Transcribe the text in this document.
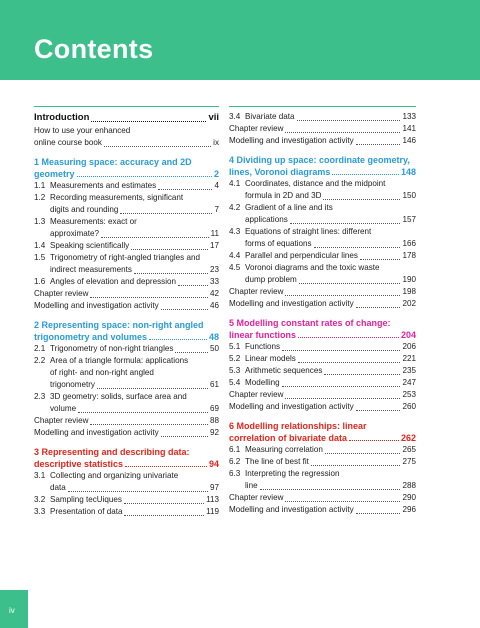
Contents
Introduction	vii
How to use your enhanced
online course book	ix
1 Measuring space: accuracy and 2D
geometry	2
1.1 Measurements and estimates	4
1.2 Recording measurements, significant
digits and rounding	7
1.3 Measurements: exact or
approximate?	11
1.4 Speaking scientifically	17
1.5 Trigonometry of right-angled triangles and
indirect measurements	23
1.6 Angles of elevation and depression	33
Chapter review	42
Modelling and investigation activity	46
2 Representing space: non-right angled
trigonometry and volumes	48
2.1 Trigonometry of non-right triangles	50
2.2 Area of a triangle formula: applications
of right- and non-right angled
trigonometry	61
2.3 3D geometry: solids, surface area and
volume	69
Chapter review	88
Modelling and investigation activity	92
3 Representing and describing data:
descriptive statistics	94
3.1 Collecting and organizing univariate
data	97
3.2 Sampling tecUiques	113
3.3 Presentation of data	119
3.4 Bivariate data	133
Chapter review	141
Modelling and investigation activity	146
4 Dividing up space: coordinate geometry,
lines, Voronoi diagrams	148
4.1 Coordinates, distance and the midpoint
formula in 2D and 3D	150
4.2 Gradient of a line and its
applications	157
4.3 Equations of straight lines: different
forms of equations	166
4.4 Parallel and perpendicular lines	178
4.5 Voronoi diagrams and the toxic waste
dump problem	190
Chapter review	198
Modelling and investigation activity	202
5 Modelling constant rates of change:
linear functions	204
5.1 Functions	206
5.2 Linear models	221
5.3 Arithmetic sequences	235
5.4 Modelling	247
Chapter review	253
Modelling and investigation activity	260
6 Modelling relationships: linear
correlation of bivariate data	262
6.1 Measuring correlation	265
6.2 The line of best fit	275
6.3 Interpreting the regression
line	288
Chapter review	290
Modelling and investigation activity	296
iv
